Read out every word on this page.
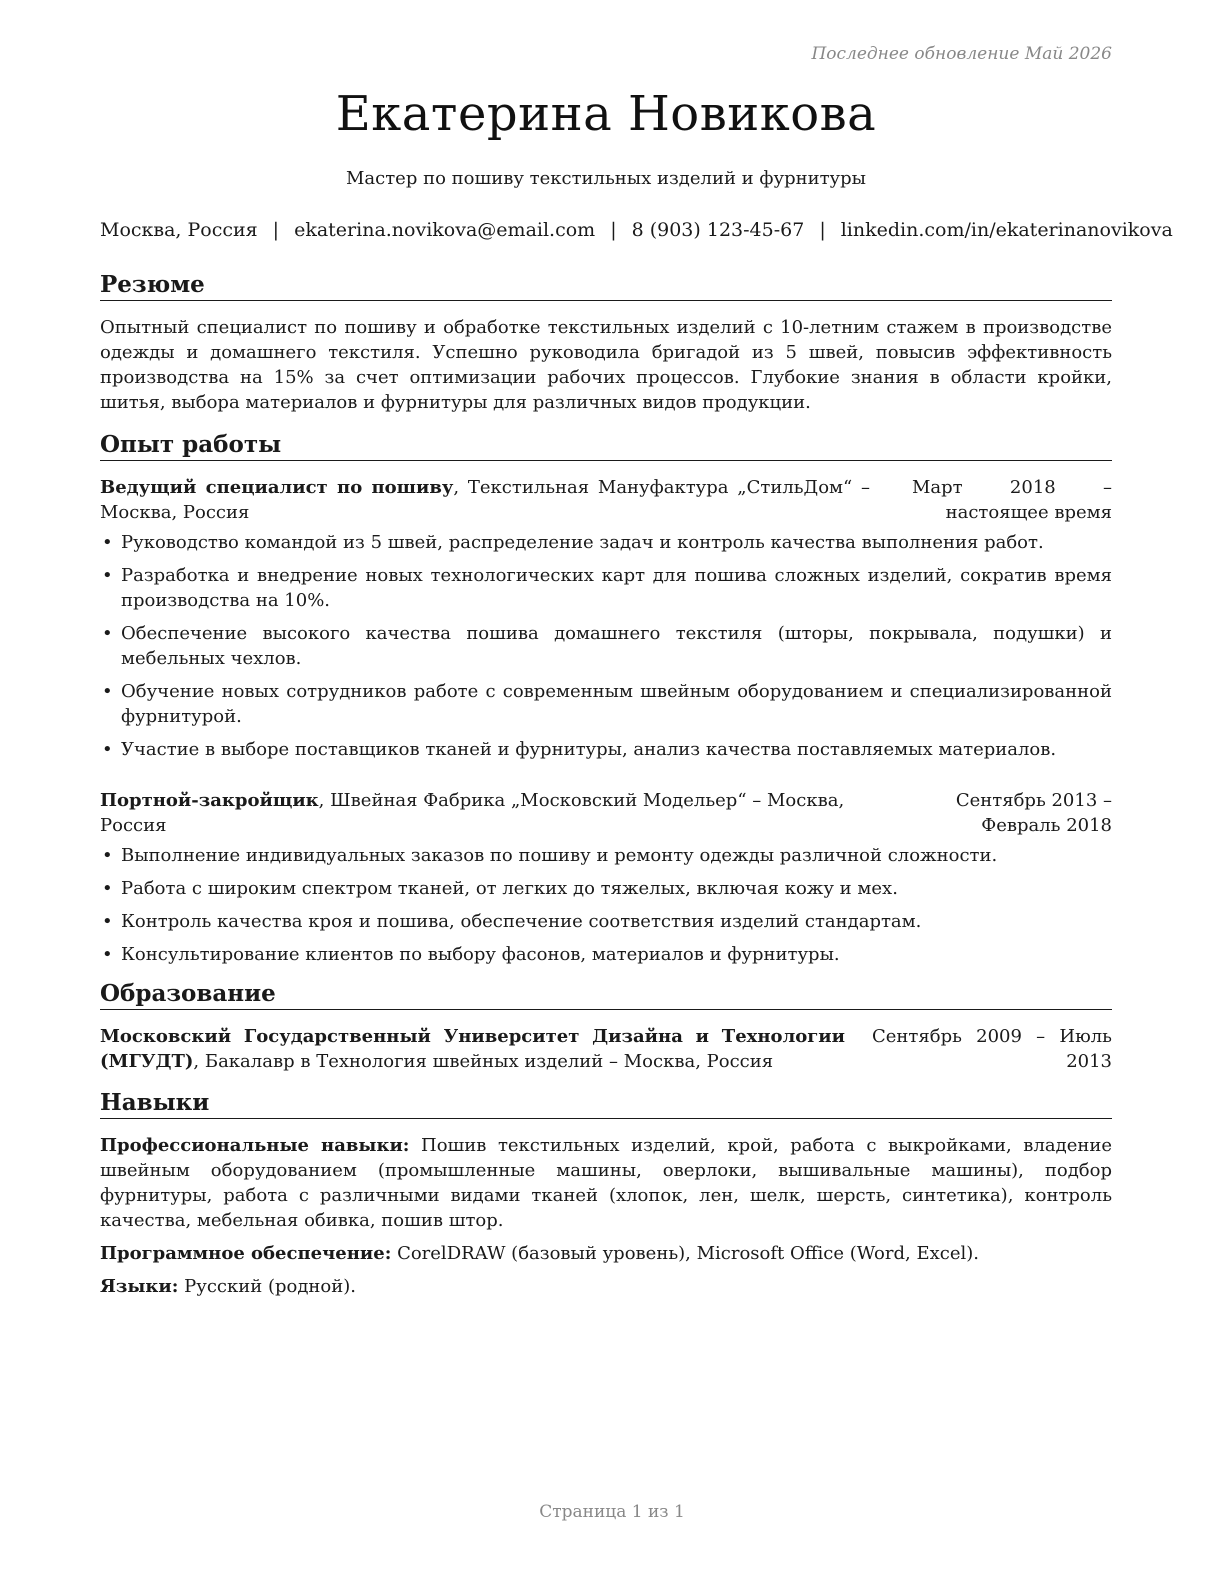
Последнее обновление Май 2026
Екатерина Новикова
Мастер по пошиву текстильных изделий и фурнитуры
Москва, Россия | ekaterina.novikova@email.com | 8 (903) 123-45-67 | linkedin.com/in/ekaterinanovikova
Резюме

Опытный специалист по пошиву и обработке текстильных изделий с 10-летним стажем в производстве одежды и домашнего текстиля. Успешно руководила бригадой из 5 швей, повысив эффективность производства на 15% за счет оптимизации рабочих процессов. Глубокие знания в области кройки, шитья, выбора материалов и фурнитуры для различных видов продукции.

Опыт работы
Ведущий специалист по пошиву, Текстильная Мануфактура „СтильДом“ – Москва, Россия
Март 2018 – настоящее время
• Руководство командой из 5 швей, распределение задач и контроль качества выполнения работ.
• Разработка и внедрение новых технологических карт для пошива сложных изделий, сократив время производства на 10%.
• Обеспечение высокого качества пошива домашнего текстиля (шторы, покрывала, подушки) и мебельных чехлов.
• Обучение новых сотрудников работе с современным швейным оборудованием и специализированной фурнитурой.
• Участие в выборе поставщиков тканей и фурнитуры, анализ качества поставляемых материалов.
Портной-закройщик, Швейная Фабрика „Московский Модельер“ – Москва, Россия
Сентябрь 2013 – Февраль 2018
• Выполнение индивидуальных заказов по пошиву и ремонту одежды различной сложности.
• Работа с широким спектром тканей, от легких до тяжелых, включая кожу и мех.
• Контроль качества кроя и пошива, обеспечение соответствия изделий стандартам.
• Консультирование клиентов по выбору фасонов, материалов и фурнитуры.
Образование
Московский Государственный Университет Дизайна и Технологии (МГУДТ), Бакалавр в Технология швейных изделий – Москва, Россия
Сентябрь 2009 – Июль 2013
Навыки

Профессиональные навыки: Пошив текстильных изделий, крой, работа с выкройками, владение швейным оборудованием (промышленные машины, оверлоки, вышивальные машины), подбор фурнитуры, работа с различными видами тканей (хлопок, лен, шелк, шерсть, синтетика), контроль качества, мебельная обивка, пошив штор.

Программное обеспечение: CorelDRAW (базовый уровень), Microsoft Office (Word, Excel).

Языки: Русский (родной).

Страница 1 из 1
